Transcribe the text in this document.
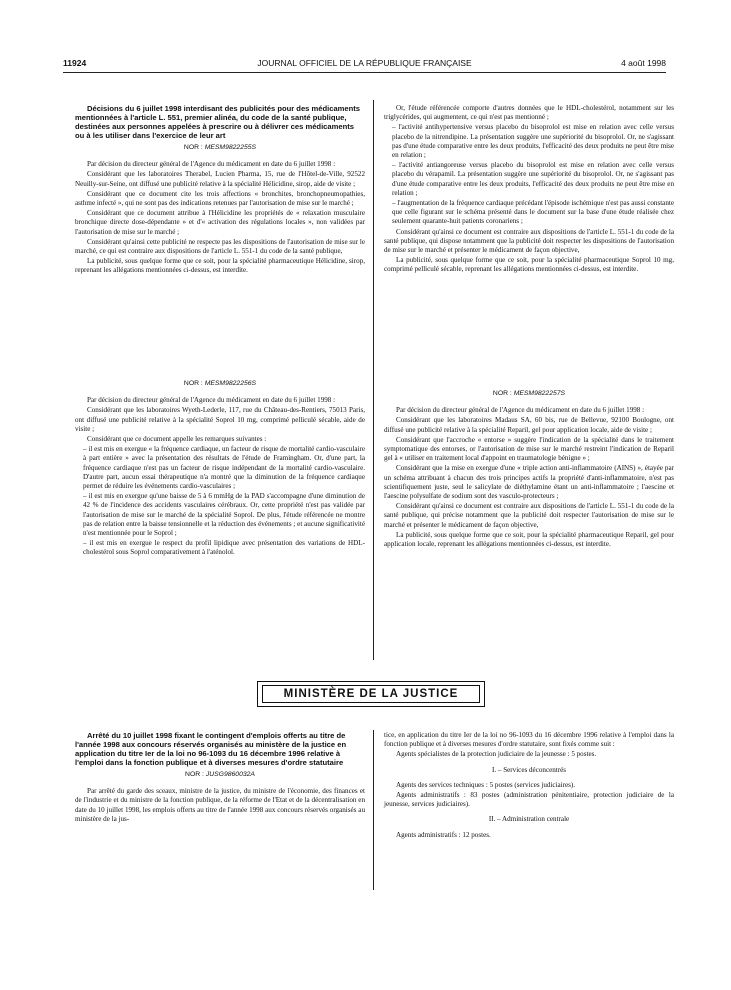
11924	JOURNAL OFFICIEL DE LA RÉPUBLIQUE FRANÇAISE	4 août 1998

Décisions du 6 juillet 1998 interdisant des publicités pour des médicaments mentionnées à l'article L. 551, premier alinéa, du code de la santé publique, destinées aux personnes appelées à prescrire ou à délivrer ces médicaments ou à les utiliser dans l'exercice de leur art

NOR : MESM9822255S

Par décision du directeur général de l'Agence du médicament en date du 6 juillet 1998 :

Considérant que les laboratoires Therabel, Lucien Pharma, 15, rue de l'Hôtel-de-Ville, 92522 Neuilly-sur-Seine, ont diffusé une publicité relative à la spécialité Hélicidine, sirop, aide de visite ;

Considérant que ce document cite les trois affections « bronchites, bronchopneumopathies, asthme infecté », qui ne sont pas des indications retenues par l'autorisation de mise sur le marché ;

Considérant que ce document attribue à l'Hélicidine les propriétés de « relaxation musculaire bronchique directe dose-dépendante » et d'« activation des régulations locales », non validées par l'autorisation de mise sur le marché ;

Considérant qu'ainsi cette publicité ne respecte pas les dispositions de l'autorisation de mise sur le marché, ce qui est contraire aux dispositions de l'article L. 551-1 du code de la santé publique,

La publicité, sous quelque forme que ce soit, pour la spécialité pharmaceutique Hélicidine, sirop, reprenant les allégations mentionnées ci-dessus, est interdite.

NOR : MESM9822256S

Par décision du directeur général de l'Agence du médicament en date du 6 juillet 1998 :

Considérant que les laboratoires Wyeth-Lederle, 117, rue du Château-des-Rentiers, 75013 Paris, ont diffusé une publicité relative à la spécialité Soprol 10 mg, comprimé pelliculé sécable, aide de visite ;

Considérant que ce document appelle les remarques suivantes :

– il est mis en exergue « la fréquence cardiaque, un facteur de risque de mortalité cardio-vasculaire à part entière » avec la présentation des résultats de l'étude de Framingham. Or, d'une part, la fréquence cardiaque n'est pas un facteur de risque indépendant de la mortalité cardio-vasculaire. D'autre part, aucun essai thérapeutique n'a montré que la diminution de la fréquence cardiaque permet de réduire les événements cardio-vasculaires ;

– il est mis en exergue qu'une baisse de 5 à 6 mmHg de la PAD s'accompagne d'une diminution de 42 % de l'incidence des accidents vasculaires cérébraux. Or, cette propriété n'est pas validée par l'autorisation de mise sur le marché de la spécialité Soprol. De plus, l'étude référencée ne montre pas de relation entre la baisse tensionnelle et la réduction des événements ; et aucune significativité n'est mentionnée pour le Soprol ;

– il est mis en exergue le respect du profil lipidique avec présentation des variations de HDL-cholestérol sous Soprol comparativement à l'aténolol.

Or, l'étude référencée comporte d'autres données que le HDL-cholestérol, notamment sur les triglycérides, qui augmentent, ce qui n'est pas mentionné ;

– l'activité antihypertensive versus placebo du bisoprolol est mise en relation avec celle versus placebo de la nitrendipine. La présentation suggère une supériorité du bisoprolol. Or, ne s'agissant pas d'une étude comparative entre les deux produits, l'efficacité des deux produits ne peut être mise en relation ;

– l'activité antiangoreuse versus placebo du bisoprolol est mise en relation avec celle versus placebo du vérapamil. La présentation suggère une supériorité du bisoprolol. Or, ne s'agissant pas d'une étude comparative entre les deux produits, l'efficacité des deux produits ne peut être mise en relation ;

– l'augmentation de la fréquence cardiaque précédant l'épisode ischémique n'est pas aussi constante que celle figurant sur le schéma présenté dans le document sur la base d'une étude réalisée chez seulement quarante-huit patients coronariens ;

Considérant qu'ainsi ce document est contraire aux dispositions de l'article L. 551-1 du code de la santé publique, qui dispose notamment que la publicité doit respecter les dispositions de l'autorisation de mise sur le marché et présenter le médicament de façon objective,

La publicité, sous quelque forme que ce soit, pour la spécialité pharmaceutique Soprol 10 mg, comprimé pelliculé sécable, reprenant les allégations mentionnées ci-dessus, est interdite.

NOR : MESM9822257S

Par décision du directeur général de l'Agence du médicament en date du 6 juillet 1998 :

Considérant que les laboratoires Madaus SA, 60 bis, rue de Bellevue, 92100 Boulogne, ont diffusé une publicité relative à la spécialité Reparil, gel pour application locale, aide de visite ;

Considérant que l'accroche « entorse » suggère l'indication de la spécialité dans le traitement symptomatique des entorses, or l'autorisation de mise sur le marché restreint l'indication de Reparil gel à « utiliser en traitement local d'appoint en traumatologie bénigne » ;

Considérant que la mise en exergue d'une « triple action anti-inflammatoire (AINS) », étayée par un schéma attribuant à chacun des trois principes actifs la propriété d'anti-inflammatoire, n'est pas scientifiquement juste, seul le salicylate de diéthylamine étant un anti-inflammatoire ; l'aescine et l'aescine polysulfate de sodium sont des vasculo-protecteurs ;

Considérant qu'ainsi ce document est contraire aux dispositions de l'article L. 551-1 du code de la santé publique, qui précise notamment que la publicité doit respecter l'autorisation de mise sur le marché et présenter le médicament de façon objective,

La publicité, sous quelque forme que ce soit, pour la spécialité pharmaceutique Reparil, gel pour application locale, reprenant les allégations mentionnées ci-dessus, est interdite.

MINISTÈRE DE LA JUSTICE

Arrêté du 10 juillet 1998 fixant le contingent d'emplois offerts au titre de l'année 1998 aux concours réservés organisés au ministère de la justice en application du titre Ier de la loi no 96-1093 du 16 décembre 1996 relative à l'emploi dans la fonction publique et à diverses mesures d'ordre statutaire

NOR : JUSG9860032A

Par arrêté du garde des sceaux, ministre de la justice, du ministre de l'économie, des finances et de l'industrie et du ministre de la fonction publique, de la réforme de l'Etat et de la décentralisation en date du 10 juillet 1998, les emplois offerts au titre de l'année 1998 aux concours réservés organisés au ministère de la jus-

tice, en application du titre Ier de la loi no 96-1093 du 16 décembre 1996 relative à l'emploi dans la fonction publique et à diverses mesures d'ordre statutaire, sont fixés comme suit :

Agents spécialistes de la protection judiciaire de la jeunesse : 5 postes.

I. – Services déconcentrés

Agents des services techniques : 5 postes (services judiciaires).

Agents administratifs : 83 postes (administration pénitentiaire, protection judiciaire de la jeunesse, services judiciaires).

II. – Administration centrale

Agents administratifs : 12 postes.
